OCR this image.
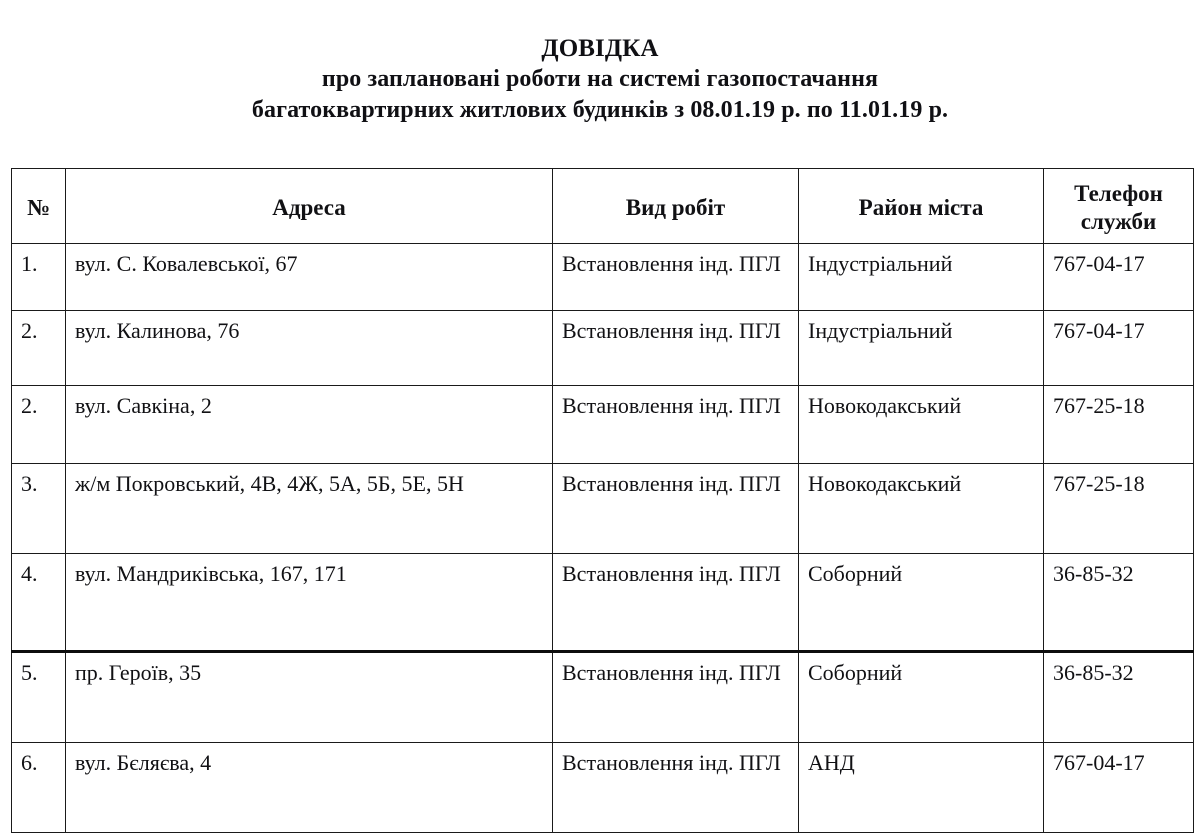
ДОВІДКА
про заплановані роботи на системі газопостачання
багатоквартирних житлових будинків з 08.01.19 р. по 11.01.19 р.
№	Адреса	Вид робіт	Район міста	Телефон
служби
1.	вул. С. Ковалевської, 67	Встановлення інд. ПГЛ	Індустріальний	767-04-17
2.	вул. Калинова, 76	Встановлення інд. ПГЛ	Індустріальний	767-04-17
2.	вул. Савкіна, 2	Встановлення інд. ПГЛ	Новокодакський	767-25-18
3.	ж/м Покровський, 4В, 4Ж, 5А, 5Б, 5Е, 5Н	Встановлення інд. ПГЛ	Новокодакський	767-25-18
4.	вул. Мандриківська, 167, 171	Встановлення інд. ПГЛ	Соборний	36-85-32
5.	пр. Героїв, 35	Встановлення інд. ПГЛ	Соборний	36-85-32
6.	вул. Бєляєва, 4	Встановлення інд. ПГЛ	АНД	767-04-17
